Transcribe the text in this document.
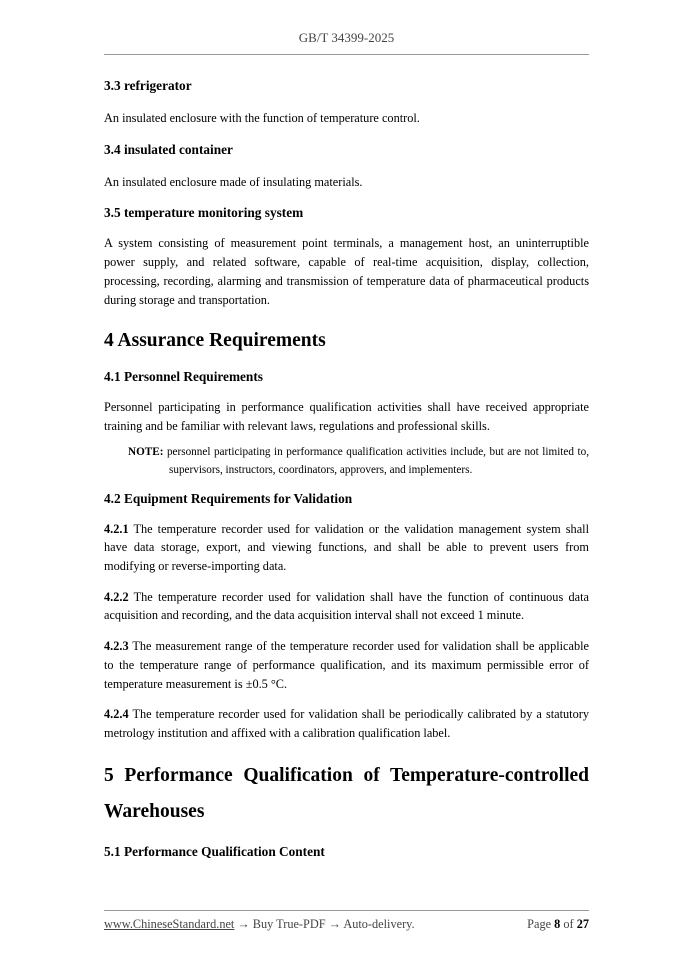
GB/T 34399-2025
3.3 refrigerator

An insulated enclosure with the function of temperature control.

3.4 insulated container

An insulated enclosure made of insulating materials.

3.5 temperature monitoring system

A system consisting of measurement point terminals, a management host, an uninterruptible power supply, and related software, capable of real-time acquisition, display, collection, processing, recording, alarming and transmission of temperature data of pharmaceutical products during storage and transportation.

4 Assurance Requirements
4.1 Personnel Requirements

Personnel participating in performance qualification activities shall have received appropriate training and be familiar with relevant laws, regulations and professional skills.

NOTE: personnel participating in performance qualification activities include, but are not limited to, supervisors, instructors, coordinators, approvers, and implementers.
4.2 Equipment Requirements for Validation

4.2.1 The temperature recorder used for validation or the validation management system shall have data storage, export, and viewing functions, and shall be able to prevent users from modifying or reverse-importing data.

4.2.2 The temperature recorder used for validation shall have the function of continuous data acquisition and recording, and the data acquisition interval shall not exceed 1 minute.

4.2.3 The measurement range of the temperature recorder used for validation shall be applicable to the temperature range of performance qualification, and its maximum permissible error of temperature measurement is ±0.5 °C.

4.2.4 The temperature recorder used for validation shall be periodically calibrated by a statutory metrology institution and affixed with a calibration qualification label.

5 Performance Qualification of Temperature-controlled
Warehouses
5.1 Performance Qualification Content
www.ChineseStandard.net → Buy True-PDF → Auto-delivery.	Page 8 of 27
